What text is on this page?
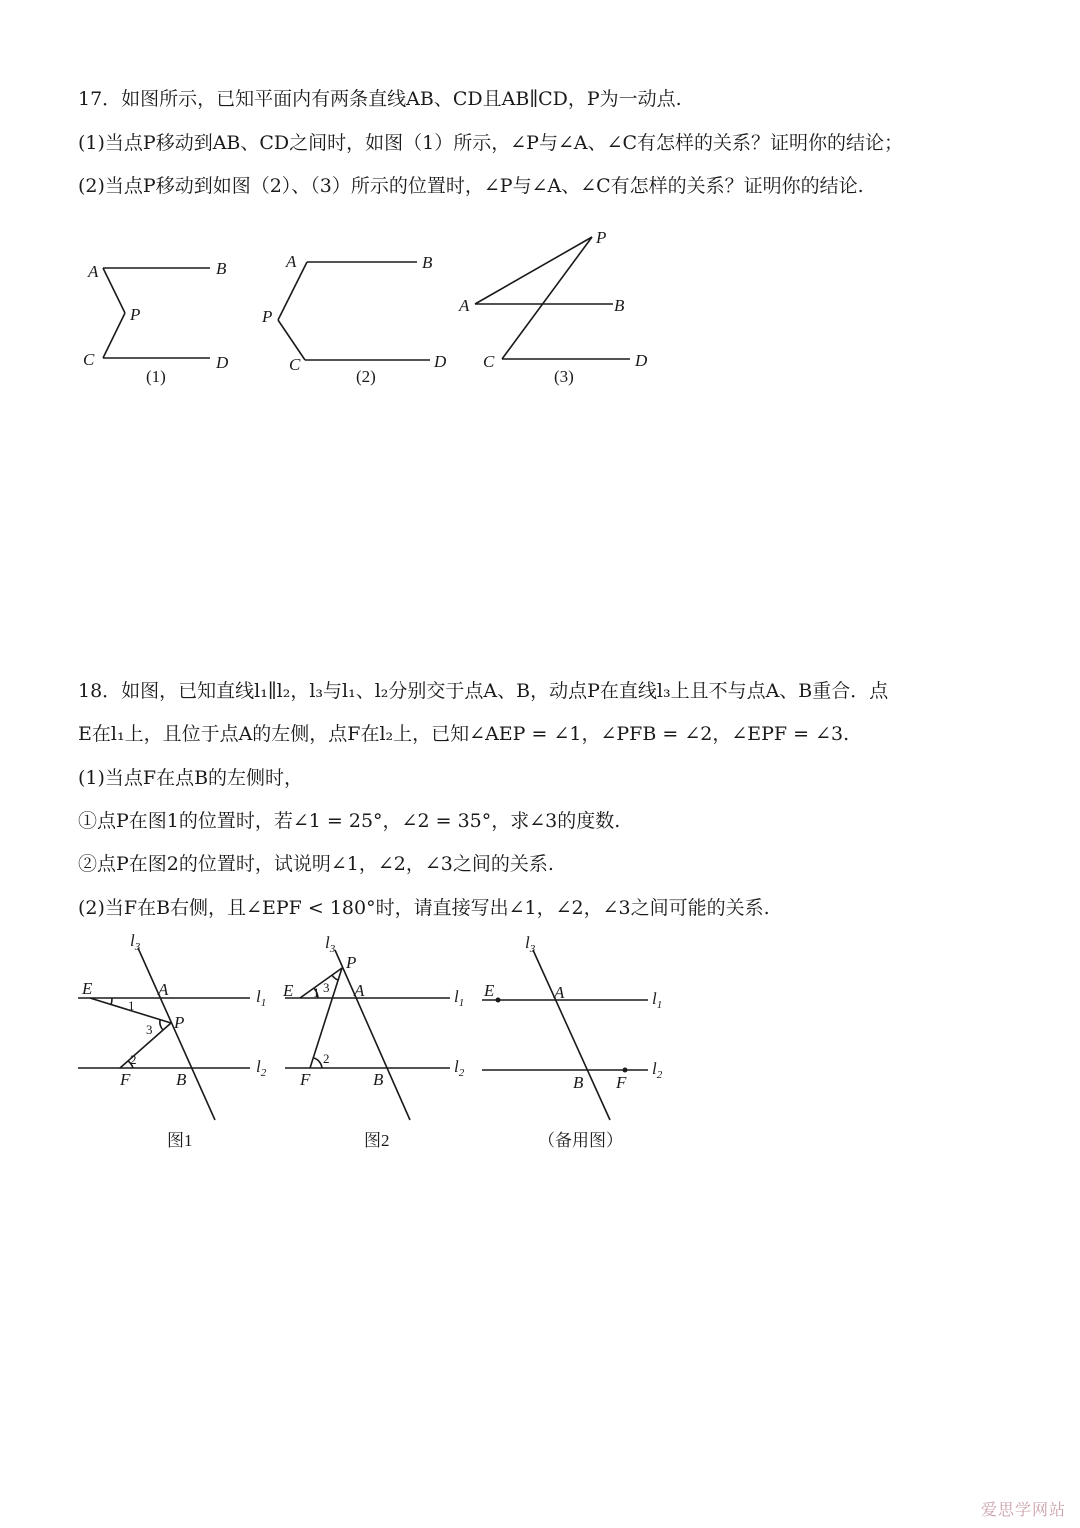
17．如图所示，已知平面内有两条直线AB、CD且AB∥CD，P为一动点.
(1)当点P移动到AB、CD之间时，如图（1）所示，∠P与∠A、∠C有怎样的关系？证明你的结论；
(2)当点P移动到如图（2）、（3）所示的位置时，∠P与∠A、∠C有怎样的关系？证明你的结论.
A	B
P
C	D
(1)
A	B
P
C	D
(2)
A	B
P
C	D
(3)
18．如图，已知直线l₁∥l₂，l₃与l₁、l₂分别交于点A、B，动点P在直线l₃上且不与点A、B重合．点
E在l₁上，且位于点A的左侧，点F在l₂上，已知∠AEP = ∠1，∠PFB = ∠2，∠EPF = ∠3.
(1)当点F在点B的左侧时，
①点P在图1的位置时，若∠1 = 25°，∠2 = 35°，求∠3的度数.
②点P在图2的位置时，试说明∠1，∠2，∠3之间的关系.
(2)当F在B右侧，且∠EPF < 180°时，请直接写出∠1，∠2，∠3之间可能的关系.
$l_3$
$l_1$
$l_2$
E	A
P
F	B
1
2
3
图1
$l_3$
$l_1$
$l_2$
E	A
P
F	B
1
2
3
图2
$l_3$
$l_1$
$l_2$
E	A
F
B
（备用图）
爱思学网站
